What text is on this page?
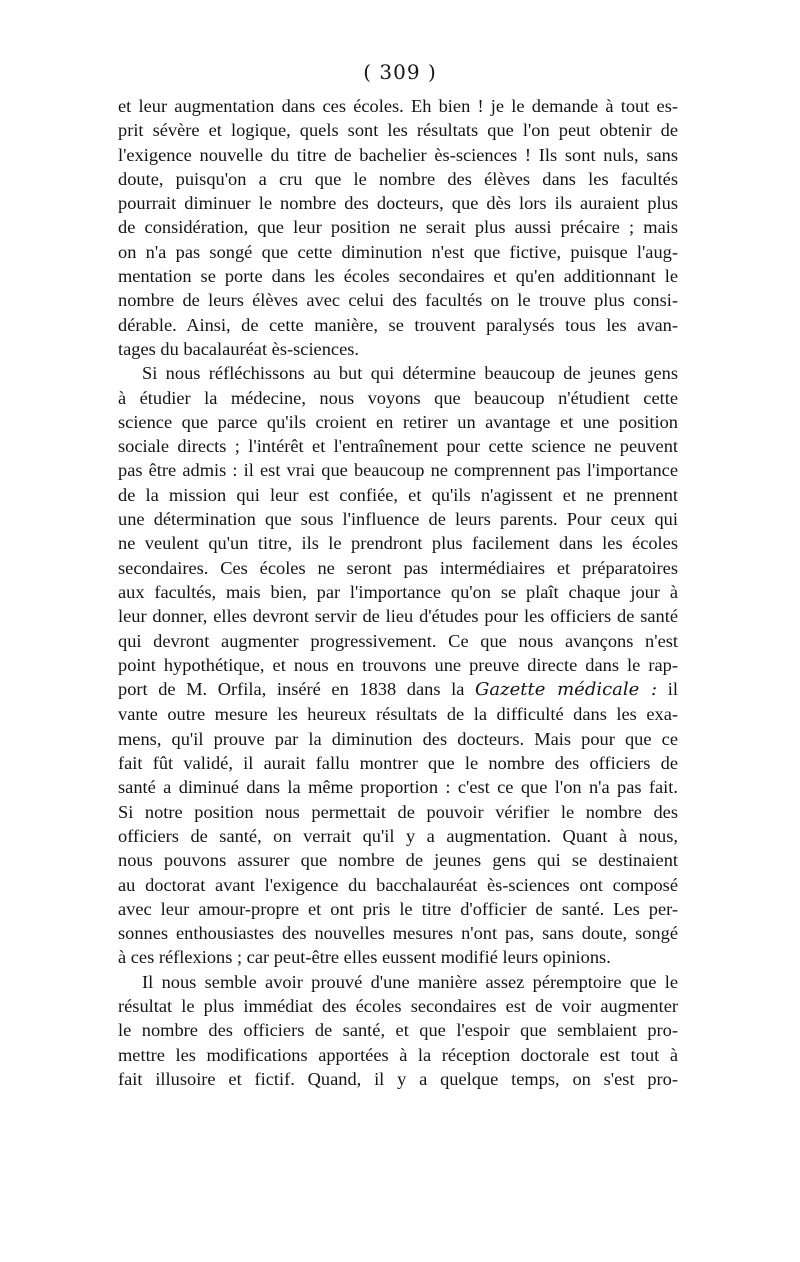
( 309 )
et leur augmentation dans ces écoles. Eh bien ! je le demande à tout es-
prit sévère et logique, quels sont les résultats que l'on peut obtenir de
l'exigence nouvelle du titre de bachelier ès-sciences ! Ils sont nuls, sans
doute, puisqu'on a cru que le nombre des élèves dans les facultés
pourrait diminuer le nombre des docteurs, que dès lors ils auraient plus
de considération, que leur position ne serait plus aussi précaire ; mais
on n'a pas songé que cette diminution n'est que fictive, puisque l'aug-
mentation se porte dans les écoles secondaires et qu'en additionnant le
nombre de leurs élèves avec celui des facultés on le trouve plus consi-
dérable. Ainsi, de cette manière, se trouvent paralysés tous les avan-
tages du bacalauréat ès-sciences.
Si nous réfléchissons au but qui détermine beaucoup de jeunes gens
à étudier la médecine, nous voyons que beaucoup n'étudient cette
science que parce qu'ils croient en retirer un avantage et une position
sociale directs ; l'intérêt et l'entraînement pour cette science ne peuvent
pas être admis : il est vrai que beaucoup ne comprennent pas l'importance
de la mission qui leur est confiée, et qu'ils n'agissent et ne prennent
une détermination que sous l'influence de leurs parents. Pour ceux qui
ne veulent qu'un titre, ils le prendront plus facilement dans les écoles
secondaires. Ces écoles ne seront pas intermédiaires et préparatoires
aux facultés, mais bien, par l'importance qu'on se plaît chaque jour à
leur donner, elles devront servir de lieu d'études pour les officiers de santé
qui devront augmenter progressivement. Ce que nous avançons n'est
point hypothétique, et nous en trouvons une preuve directe dans le rap-
port de M. Orfila, inséré en 1838 dans la Gazette médicale : il
vante outre mesure les heureux résultats de la difficulté dans les exa-
mens, qu'il prouve par la diminution des docteurs. Mais pour que ce
fait fût validé, il aurait fallu montrer que le nombre des officiers de
santé a diminué dans la même proportion : c'est ce que l'on n'a pas fait.
Si notre position nous permettait de pouvoir vérifier le nombre des
officiers de santé, on verrait qu'il y a augmentation. Quant à nous,
nous pouvons assurer que nombre de jeunes gens qui se destinaient
au doctorat avant l'exigence du bacchalauréat ès-sciences ont composé
avec leur amour-propre et ont pris le titre d'officier de santé. Les per-
sonnes enthousiastes des nouvelles mesures n'ont pas, sans doute, songé
à ces réflexions ; car peut-être elles eussent modifié leurs opinions.
Il nous semble avoir prouvé d'une manière assez péremptoire que le
résultat le plus immédiat des écoles secondaires est de voir augmenter
le nombre des officiers de santé, et que l'espoir que semblaient pro-
mettre les modifications apportées à la réception doctorale est tout à
fait illusoire et fictif. Quand, il y a quelque temps, on s'est pro-
